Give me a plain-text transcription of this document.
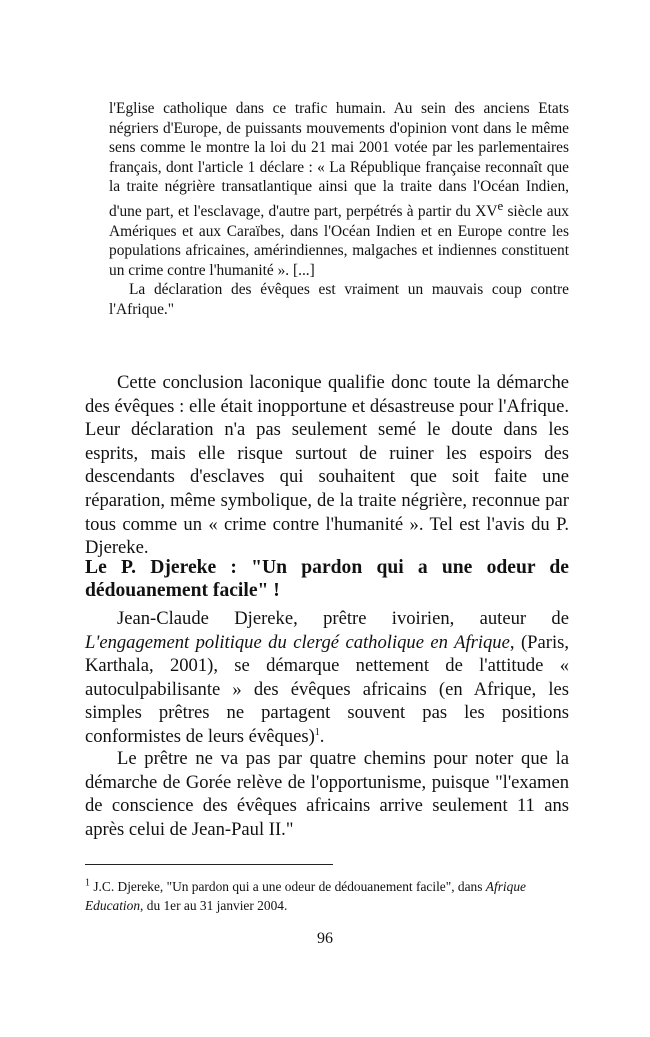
l'Eglise catholique dans ce trafic humain. Au sein des anciens Etats négriers d'Europe, de puissants mouvements d'opinion vont dans le même sens comme le montre la loi du 21 mai 2001 votée par les parlementaires français, dont l'article 1 déclare : « La République française reconnaît que la traite négrière transatlantique ainsi que la traite dans l'Océan Indien, d'une part, et l'esclavage, d'autre part, perpétrés à partir du XVe siècle aux Amériques et aux Caraïbes, dans l'Océan Indien et en Europe contre les populations africaines, amérindiennes, malgaches et indiennes constituent un crime contre l'humanité ». [...]

La déclaration des évêques est vraiment un mauvais coup contre l'Afrique."

Cette conclusion laconique qualifie donc toute la démarche des évêques : elle était inopportune et désastreuse pour l'Afrique. Leur déclaration n'a pas seulement semé le doute dans les esprits, mais elle risque surtout de ruiner les espoirs des descendants d'esclaves qui souhaitent que soit faite une réparation, même symbolique, de la traite négrière, reconnue par tous comme un « crime contre l'humanité ». Tel est l'avis du P. Djereke.

Le P. Djereke : "Un pardon qui a une odeur de dédouanement facile" !

Jean-Claude Djereke, prêtre ivoirien, auteur de L'engagement politique du clergé catholique en Afrique, (Paris, Karthala, 2001), se démarque nettement de l'attitude « autoculpabilisante » des évêques africains (en Afrique, les simples prêtres ne partagent souvent pas les positions conformistes de leurs évêques)$^1$.

Le prêtre ne va pas par quatre chemins pour noter que la démarche de Gorée relève de l'opportunisme, puisque "l'examen de conscience des évêques africains arrive seulement 11 ans après celui de Jean-Paul II."

$^1$ J.C. Djereke, "Un pardon qui a une odeur de dédouanement facile", dans Afrique Education, du 1er au 31 janvier 2004.
96
